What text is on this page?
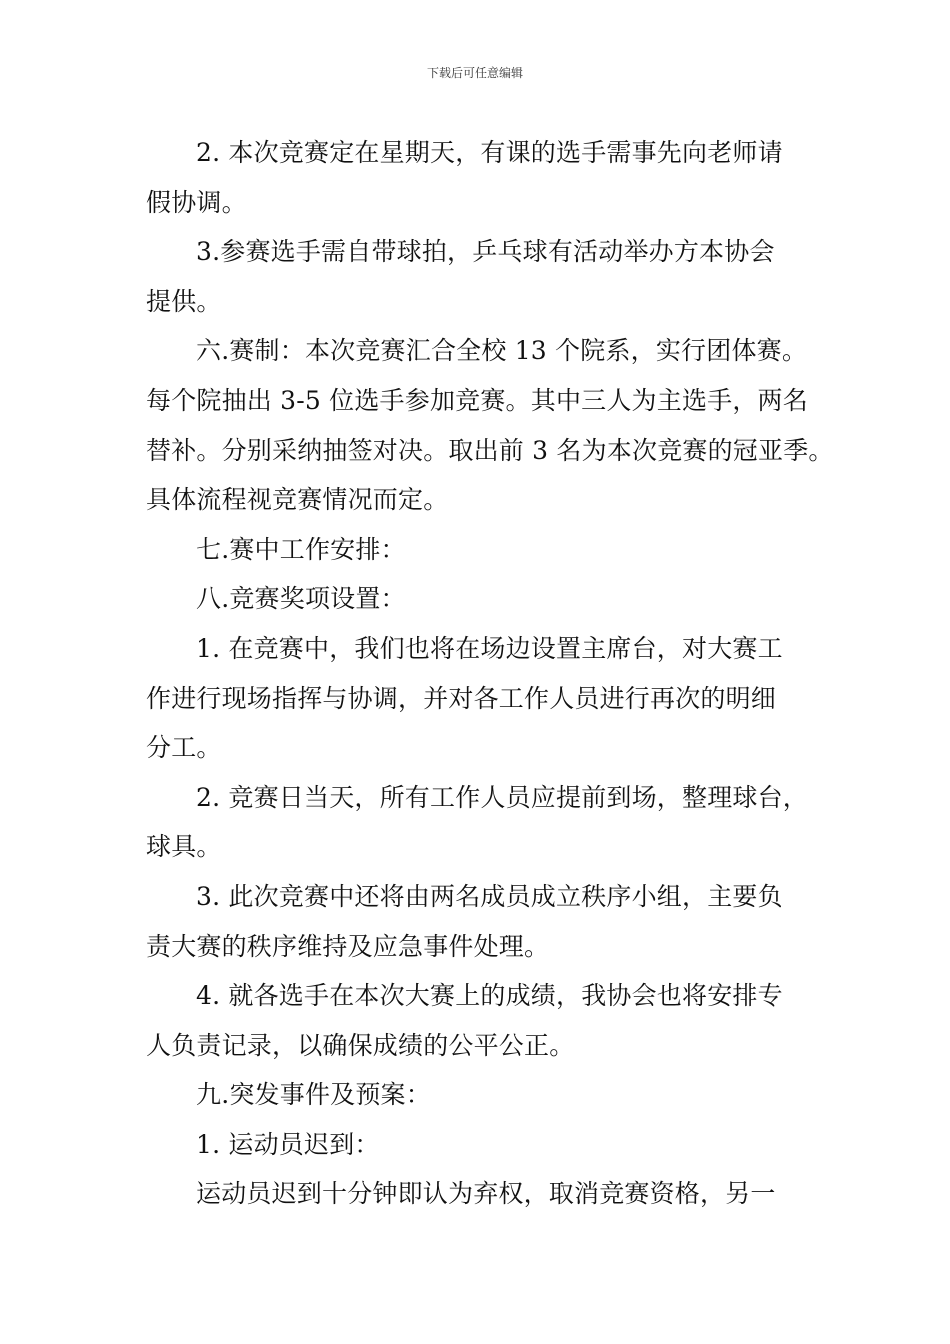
下载后可任意编辑
2. 本次竞赛定在星期天，有课的选手需事先向老师请
假协调。
3.参赛选手需自带球拍，乒乓球有活动举办方本协会
提供。
六.赛制：本次竞赛汇合全校 13 个院系，实行团体赛。
每个院抽出 3-5 位选手参加竞赛。其中三人为主选手，两名
替补。分别采纳抽签对决。取出前 3 名为本次竞赛的冠亚季。
具体流程视竞赛情况而定。
七.赛中工作安排：
八.竞赛奖项设置：
1. 在竞赛中，我们也将在场边设置主席台，对大赛工
作进行现场指挥与协调，并对各工作人员进行再次的明细
分工。
2. 竞赛日当天，所有工作人员应提前到场，整理球台，
球具。
3. 此次竞赛中还将由两名成员成立秩序小组，主要负
责大赛的秩序维持及应急事件处理。
4. 就各选手在本次大赛上的成绩，我协会也将安排专
人负责记录，以确保成绩的公平公正。
九.突发事件及预案：
1. 运动员迟到：
运动员迟到十分钟即认为弃权，取消竞赛资格，另一
